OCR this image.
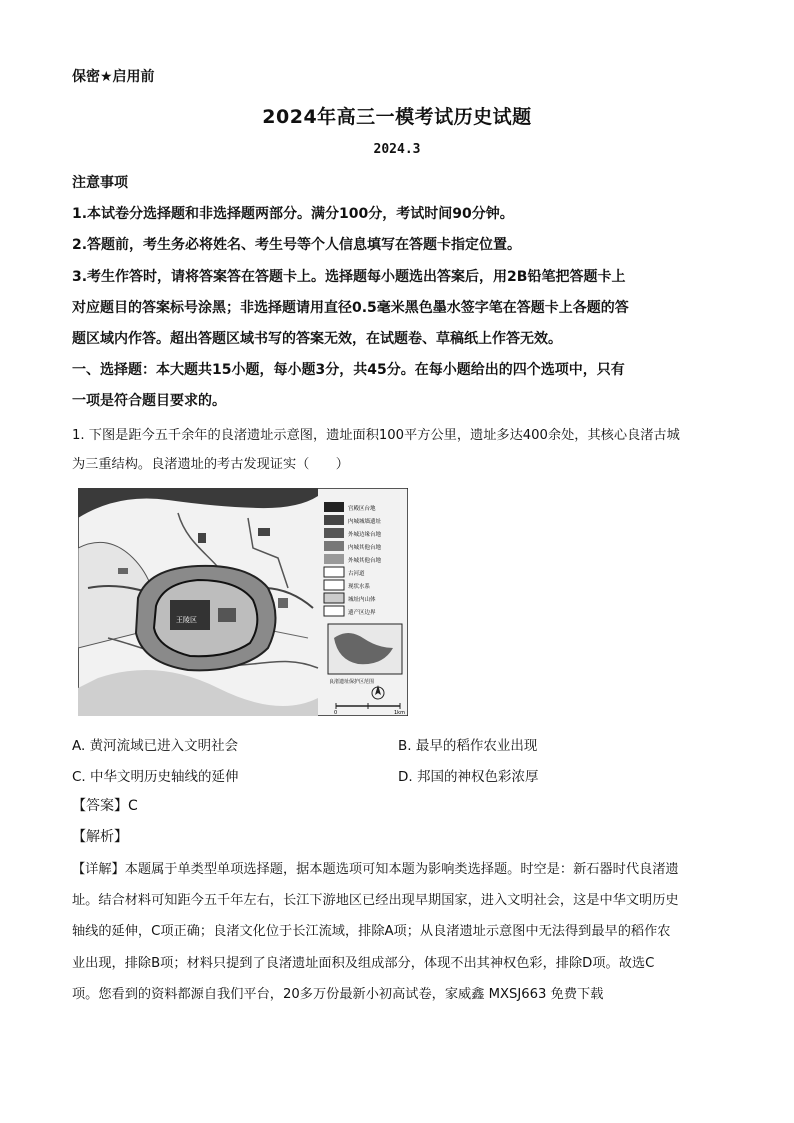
保密★启用前
2024年高三一模考试历史试题
2024.3
注意事项
1.本试卷分选择题和非选择题两部分。满分100分，考试时间90分钟。
2.答题前，考生务必将姓名、考生号等个人信息填写在答题卡指定位置。
3.考生作答时，请将答案答在答题卡上。选择题每小题选出答案后，用2B铅笔把答题卡上
对应题目的答案标号涂黑；非选择题请用直径0.5毫米黑色墨水签字笔在答题卡上各题的答
题区域内作答。超出答题区域书写的答案无效，在试题卷、草稿纸上作答无效。
一、选择题：本大题共15小题，每小题3分，共45分。在每小题给出的四个选项中，只有
一项是符合题目要求的。
1. 下图是距今五千余年的良渚遗址示意图，遗址面积100平方公里，遗址多达400余处，其核心良渚古城
为三重结构。良渚遗址的考古发现证实（　　）
王陵区
宫殿区台地
内城城墙遗址
外城边缘台地
内城其他台地
外城其他台地
古河道
现状水系
城址内山体
遗产区边界
良渚遗址保护区范围
0	1km
A. 黄河流域已进入文明社会	B. 最早的稻作农业出现
C. 中华文明历史轴线的延伸	D. 邦国的神权色彩浓厚
【答案】C
【解析】
【详解】本题属于单类型单项选择题，据本题选项可知本题为影响类选择题。时空是：新石器时代良渚遗
址。结合材料可知距今五千年左右，长江下游地区已经出现早期国家，进入文明社会，这是中华文明历史
轴线的延伸，C项正确；良渚文化位于长江流域，排除A项；从良渚遗址示意图中无法得到最早的稻作农
业出现，排除B项；材料只提到了良渚遗址面积及组成部分，体现不出其神权色彩，排除D项。故选C
项。您看到的资料都源自我们平台，20多万份最新小初高试卷，家威鑫 MXSJ663 免费下载
